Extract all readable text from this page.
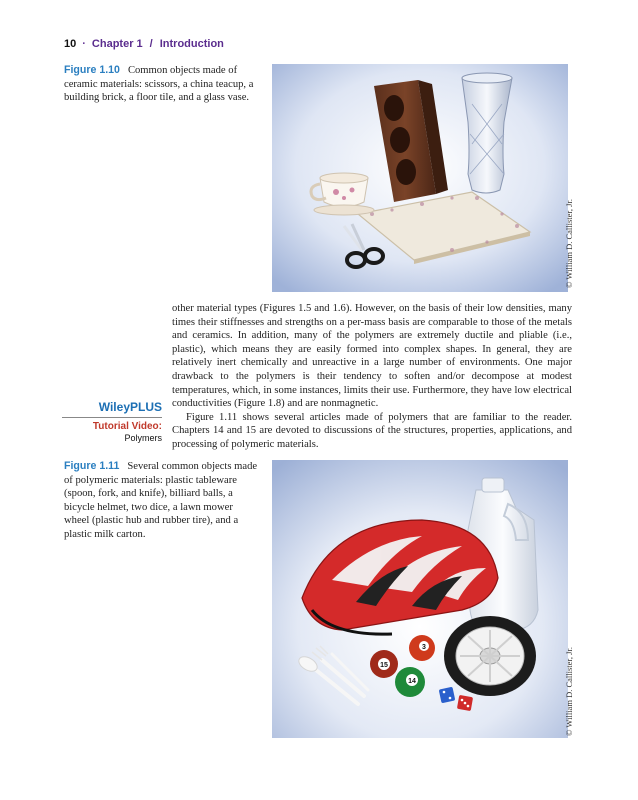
10 · Chapter 1 / Introduction
Figure 1.10 Common objects made of ceramic materials: scissors, a china teacup, a building brick, a floor tile, and a glass vase.
© William D. Callister, Jr.

other material types (Figures 1.5 and 1.6). However, on the basis of their low densities, many times their stiffnesses and strengths on a per-mass basis are comparable to those of the metals and ceramics. In addition, many of the polymers are extremely ductile and pliable (i.e., plastic), which means they are easily formed into complex shapes. In general, they are relatively inert chemically and unreactive in a large number of environments. One major drawback to the polymers is their tendency to soften and/or decompose at modest temperatures, which, in some instances, limits their use. Furthermore, they have low electrical conductivities (Figure 1.8) and are nonmagnetic.

Figure 1.11 shows several articles made of polymers that are familiar to the reader. Chapters 14 and 15 are devoted to discussions of the structures, properties, applications, and processing of polymeric materials.

WileyPLUS
Tutorial Video:
Polymers
Figure 1.11 Several common objects made of polymeric materials: plastic tableware (spoon, fork, and knife), billiard balls, a bicycle helmet, two dice, a lawn mower wheel (plastic hub and rubber tire), and a plastic milk carton.
15
3
14	© William D. Callister, Jr.
